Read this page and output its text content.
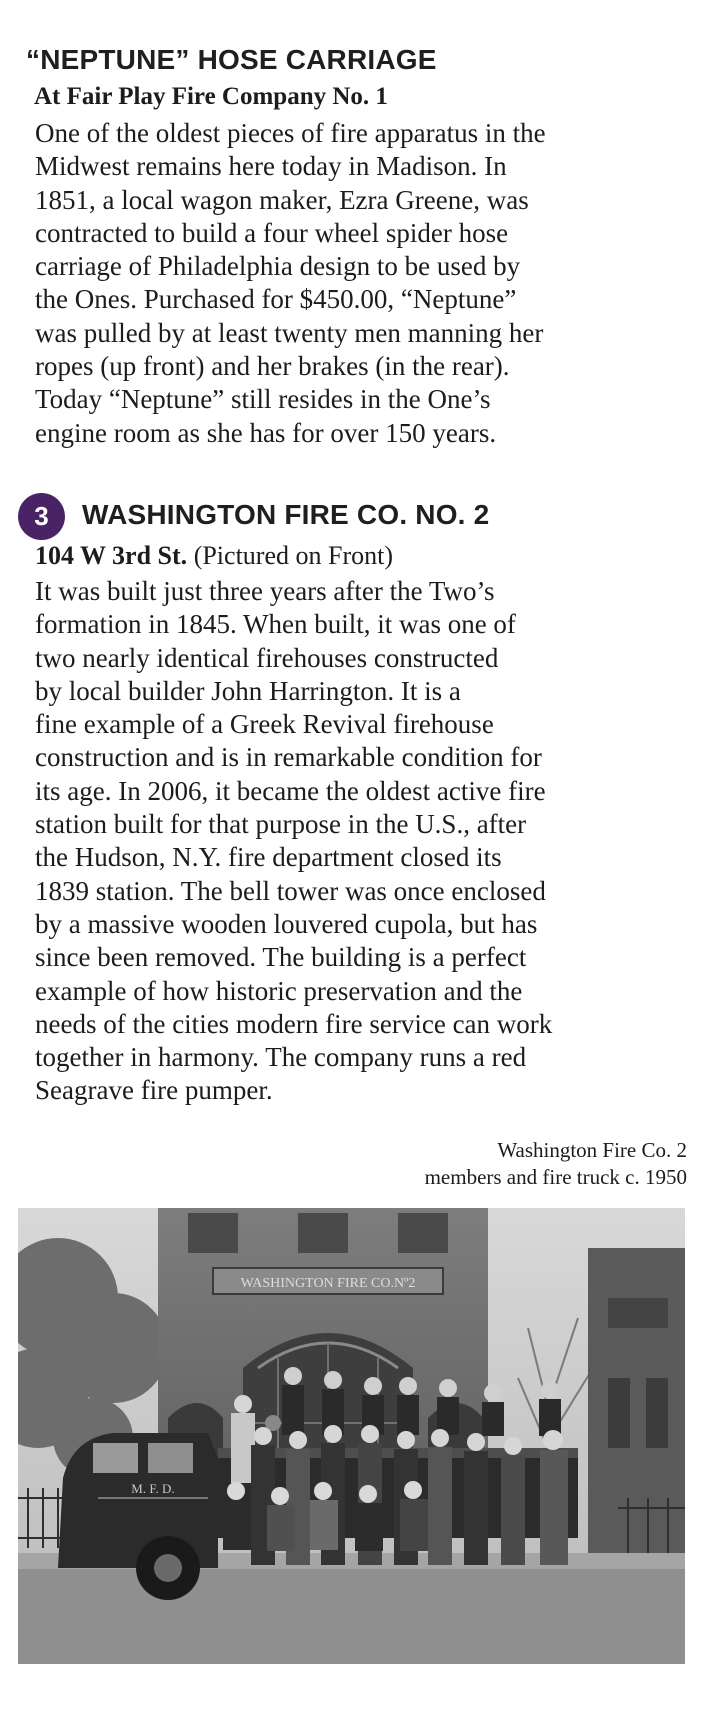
“NEPTUNE” HOSE CARRIAGE
At Fair Play Fire Company No. 1
One of the oldest pieces of fire apparatus in the
Midwest remains here today in Madison. In
1851, a local wagon maker, Ezra Greene, was
contracted to build a four wheel spider hose
carriage of Philadelphia design to be used by
the Ones. Purchased for $450.00, “Neptune”
was pulled by at least twenty men manning her
ropes (up front) and her brakes (in the rear).
Today “Neptune” still resides in the One’s
engine room as she has for over 150 years.
3	WASHINGTON FIRE CO. NO. 2
104 W 3rd St. (Pictured on Front)
It was built just three years after the Two’s
formation in 1845. When built, it was one of
two nearly identical firehouses constructed
by local builder John Harrington. It is a
fine example of a Greek Revival firehouse
construction and is in remarkable condition for
its age. In 2006, it became the oldest active fire
station built for that purpose in the U.S., after
the Hudson, N.Y. fire department closed its
1839 station. The bell tower was once enclosed
by a massive wooden louvered cupola, but has
since been removed. The building is a perfect
example of how historic preservation and the
needs of the cities modern fire service can work
together in harmony. The company runs a red
Seagrave fire pumper.
Washington Fire Co. 2
members and fire truck c. 1950
WASHINGTON FIRE CO.Nº2
M. F. D.
